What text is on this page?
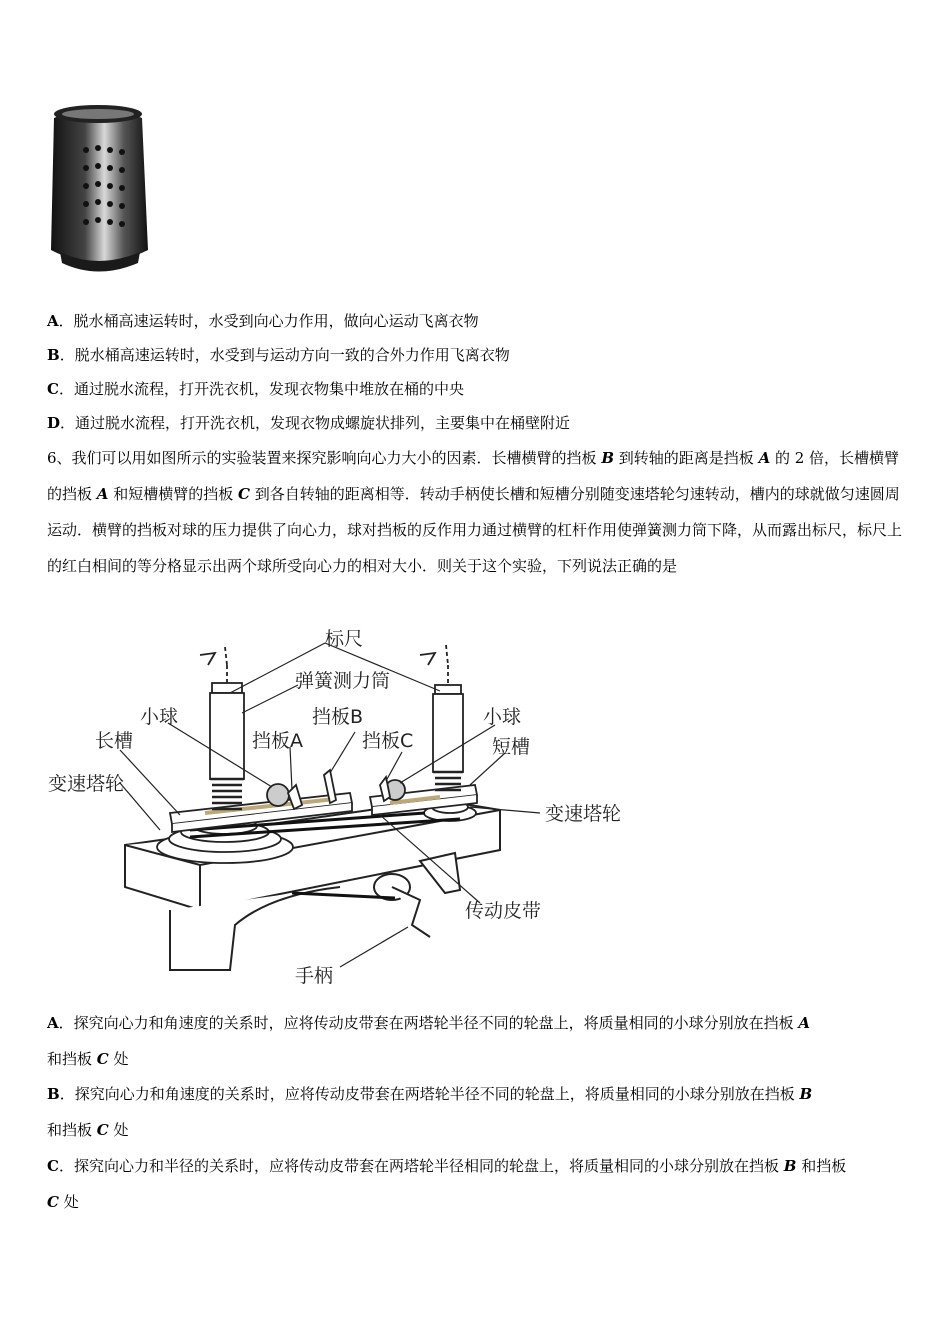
A．脱水桶高速运转时，水受到向心力作用，做向心运动飞离衣物
B．脱水桶高速运转时，水受到与运动方向一致的合外力作用飞离衣物
C．通过脱水流程，打开洗衣机，发现衣物集中堆放在桶的中央
D．通过脱水流程，打开洗衣机，发现衣物成螺旋状排列，主要集中在桶壁附近
6、我们可以用如图所示的实验装置来探究影响向心力大小的因素．长槽横臂的挡板 B 到转轴的距离是挡板 A 的 2 倍，长槽横臂的挡板 A 和短槽横臂的挡板 C 到各自转轴的距离相等．转动手柄使长槽和短槽分别随变速塔轮匀速转动，槽内的球就做匀速圆周运动．横臂的挡板对球的压力提供了向心力，球对挡板的反作用力通过横臂的杠杆作用使弹簧测力筒下降，从而露出标尺，标尺上的红白相间的等分格显示出两个球所受向心力的相对大小．则关于这个实验，下列说法正确的是
标尺
弹簧测力筒
小球	挡板B	小球
长槽	挡板A	挡板C	短槽
变速塔轮
变速塔轮
传动皮带
手柄
A．探究向心力和角速度的关系时，应将传动皮带套在两塔轮半径不同的轮盘上，将质量相同的小球分别放在挡板 A
和挡板 C 处
B．探究向心力和角速度的关系时，应将传动皮带套在两塔轮半径不同的轮盘上，将质量相同的小球分别放在挡板 B
和挡板 C 处
C．探究向心力和半径的关系时，应将传动皮带套在两塔轮半径相同的轮盘上，将质量相同的小球分别放在挡板 B 和挡板
C 处
